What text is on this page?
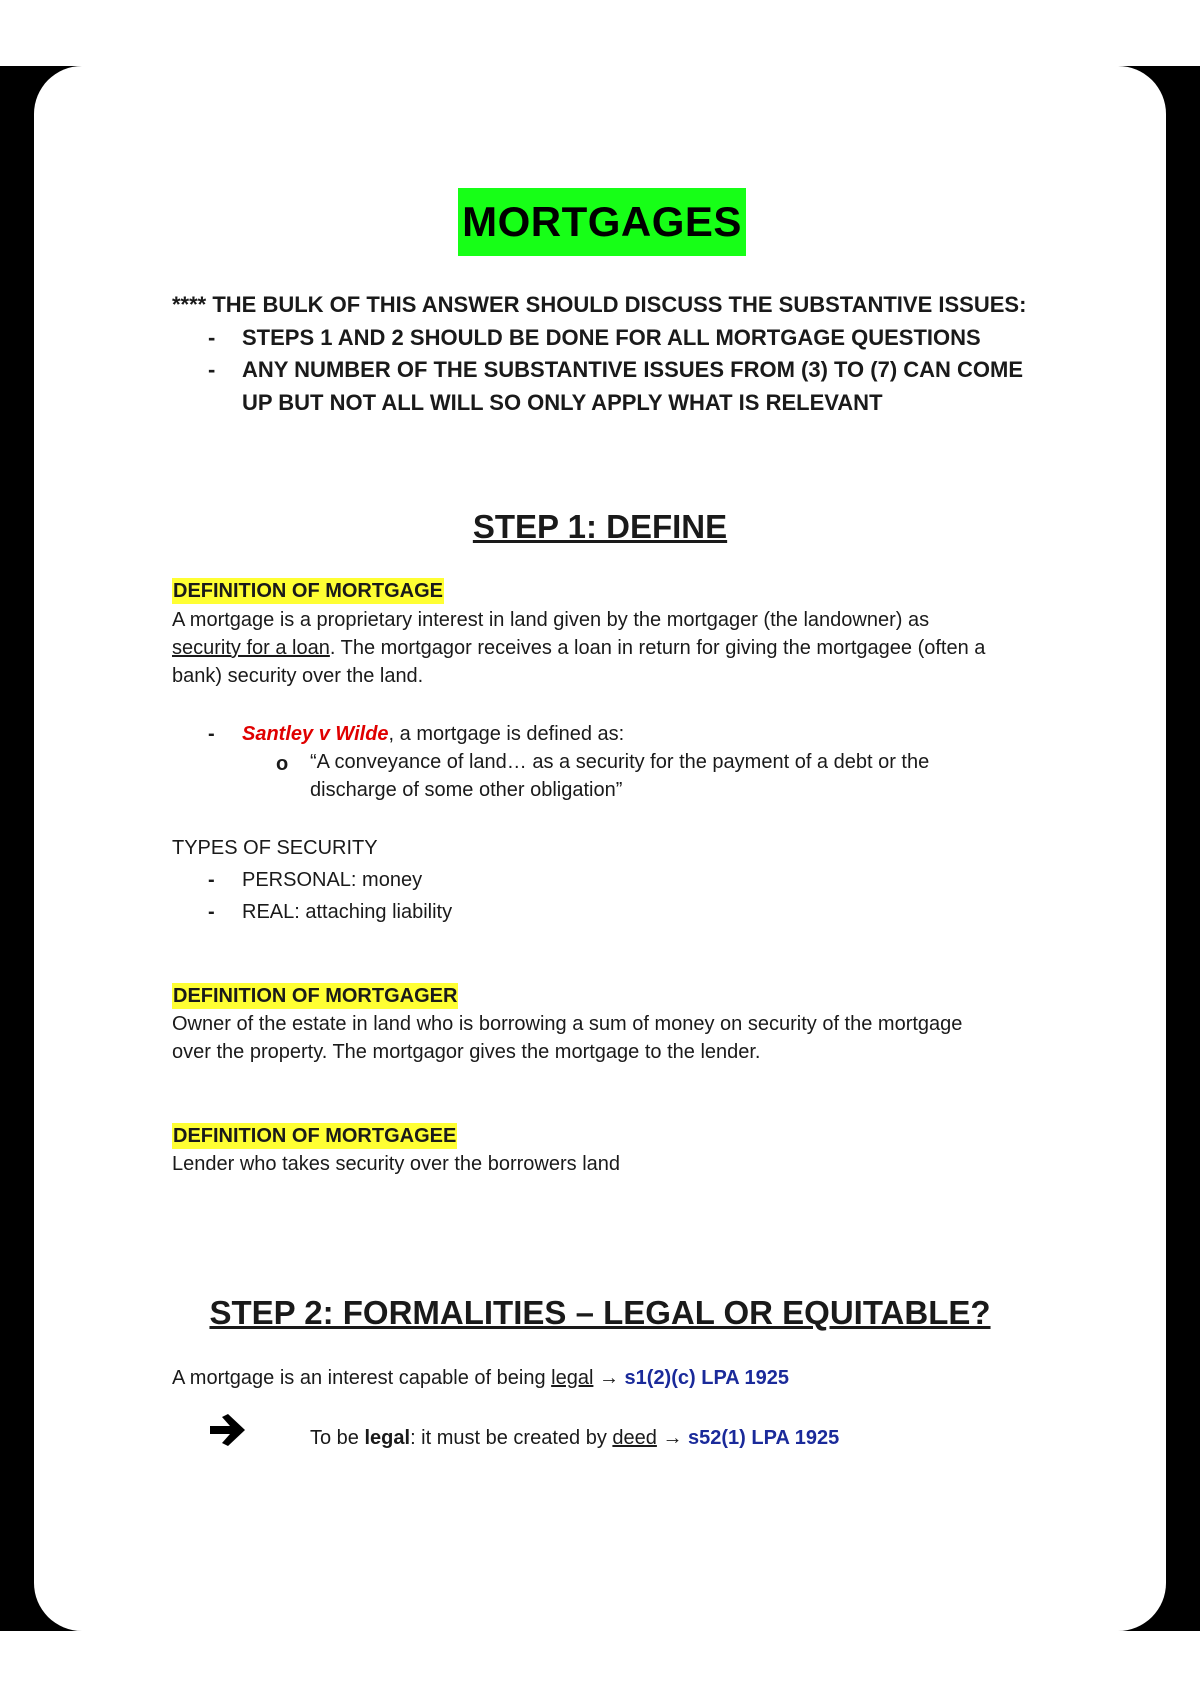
MORTGAGES
**** THE BULK OF THIS ANSWER SHOULD DISCUSS THE SUBSTANTIVE ISSUES:
- STEPS 1 AND 2 SHOULD BE DONE FOR ALL MORTGAGE QUESTIONS
- ANY NUMBER OF THE SUBSTANTIVE ISSUES FROM (3) TO (7) CAN COME
UP BUT NOT ALL WILL SO ONLY APPLY WHAT IS RELEVANT
STEP 1: DEFINE
DEFINITION OF MORTGAGE
A mortgage is a proprietary interest in land given by the mortgager (the landowner) as
security for a loan. The mortgagor receives a loan in return for giving the mortgagee (often a
bank) security over the land.
- Santley v Wilde, a mortgage is defined as:
o “A conveyance of land… as a security for the payment of a debt or the
discharge of some other obligation”
TYPES OF SECURITY
- PERSONAL: money
- REAL: attaching liability
DEFINITION OF MORTGAGER
Owner of the estate in land who is borrowing a sum of money on security of the mortgage
over the property. The mortgagor gives the mortgage to the lender.
DEFINITION OF MORTGAGEE
Lender who takes security over the borrowers land
STEP 2: FORMALITIES – LEGAL OR EQUITABLE?
A mortgage is an interest capable of being legal → s1(2)(c) LPA 1925
To be legal: it must be created by deed → s52(1) LPA 1925
